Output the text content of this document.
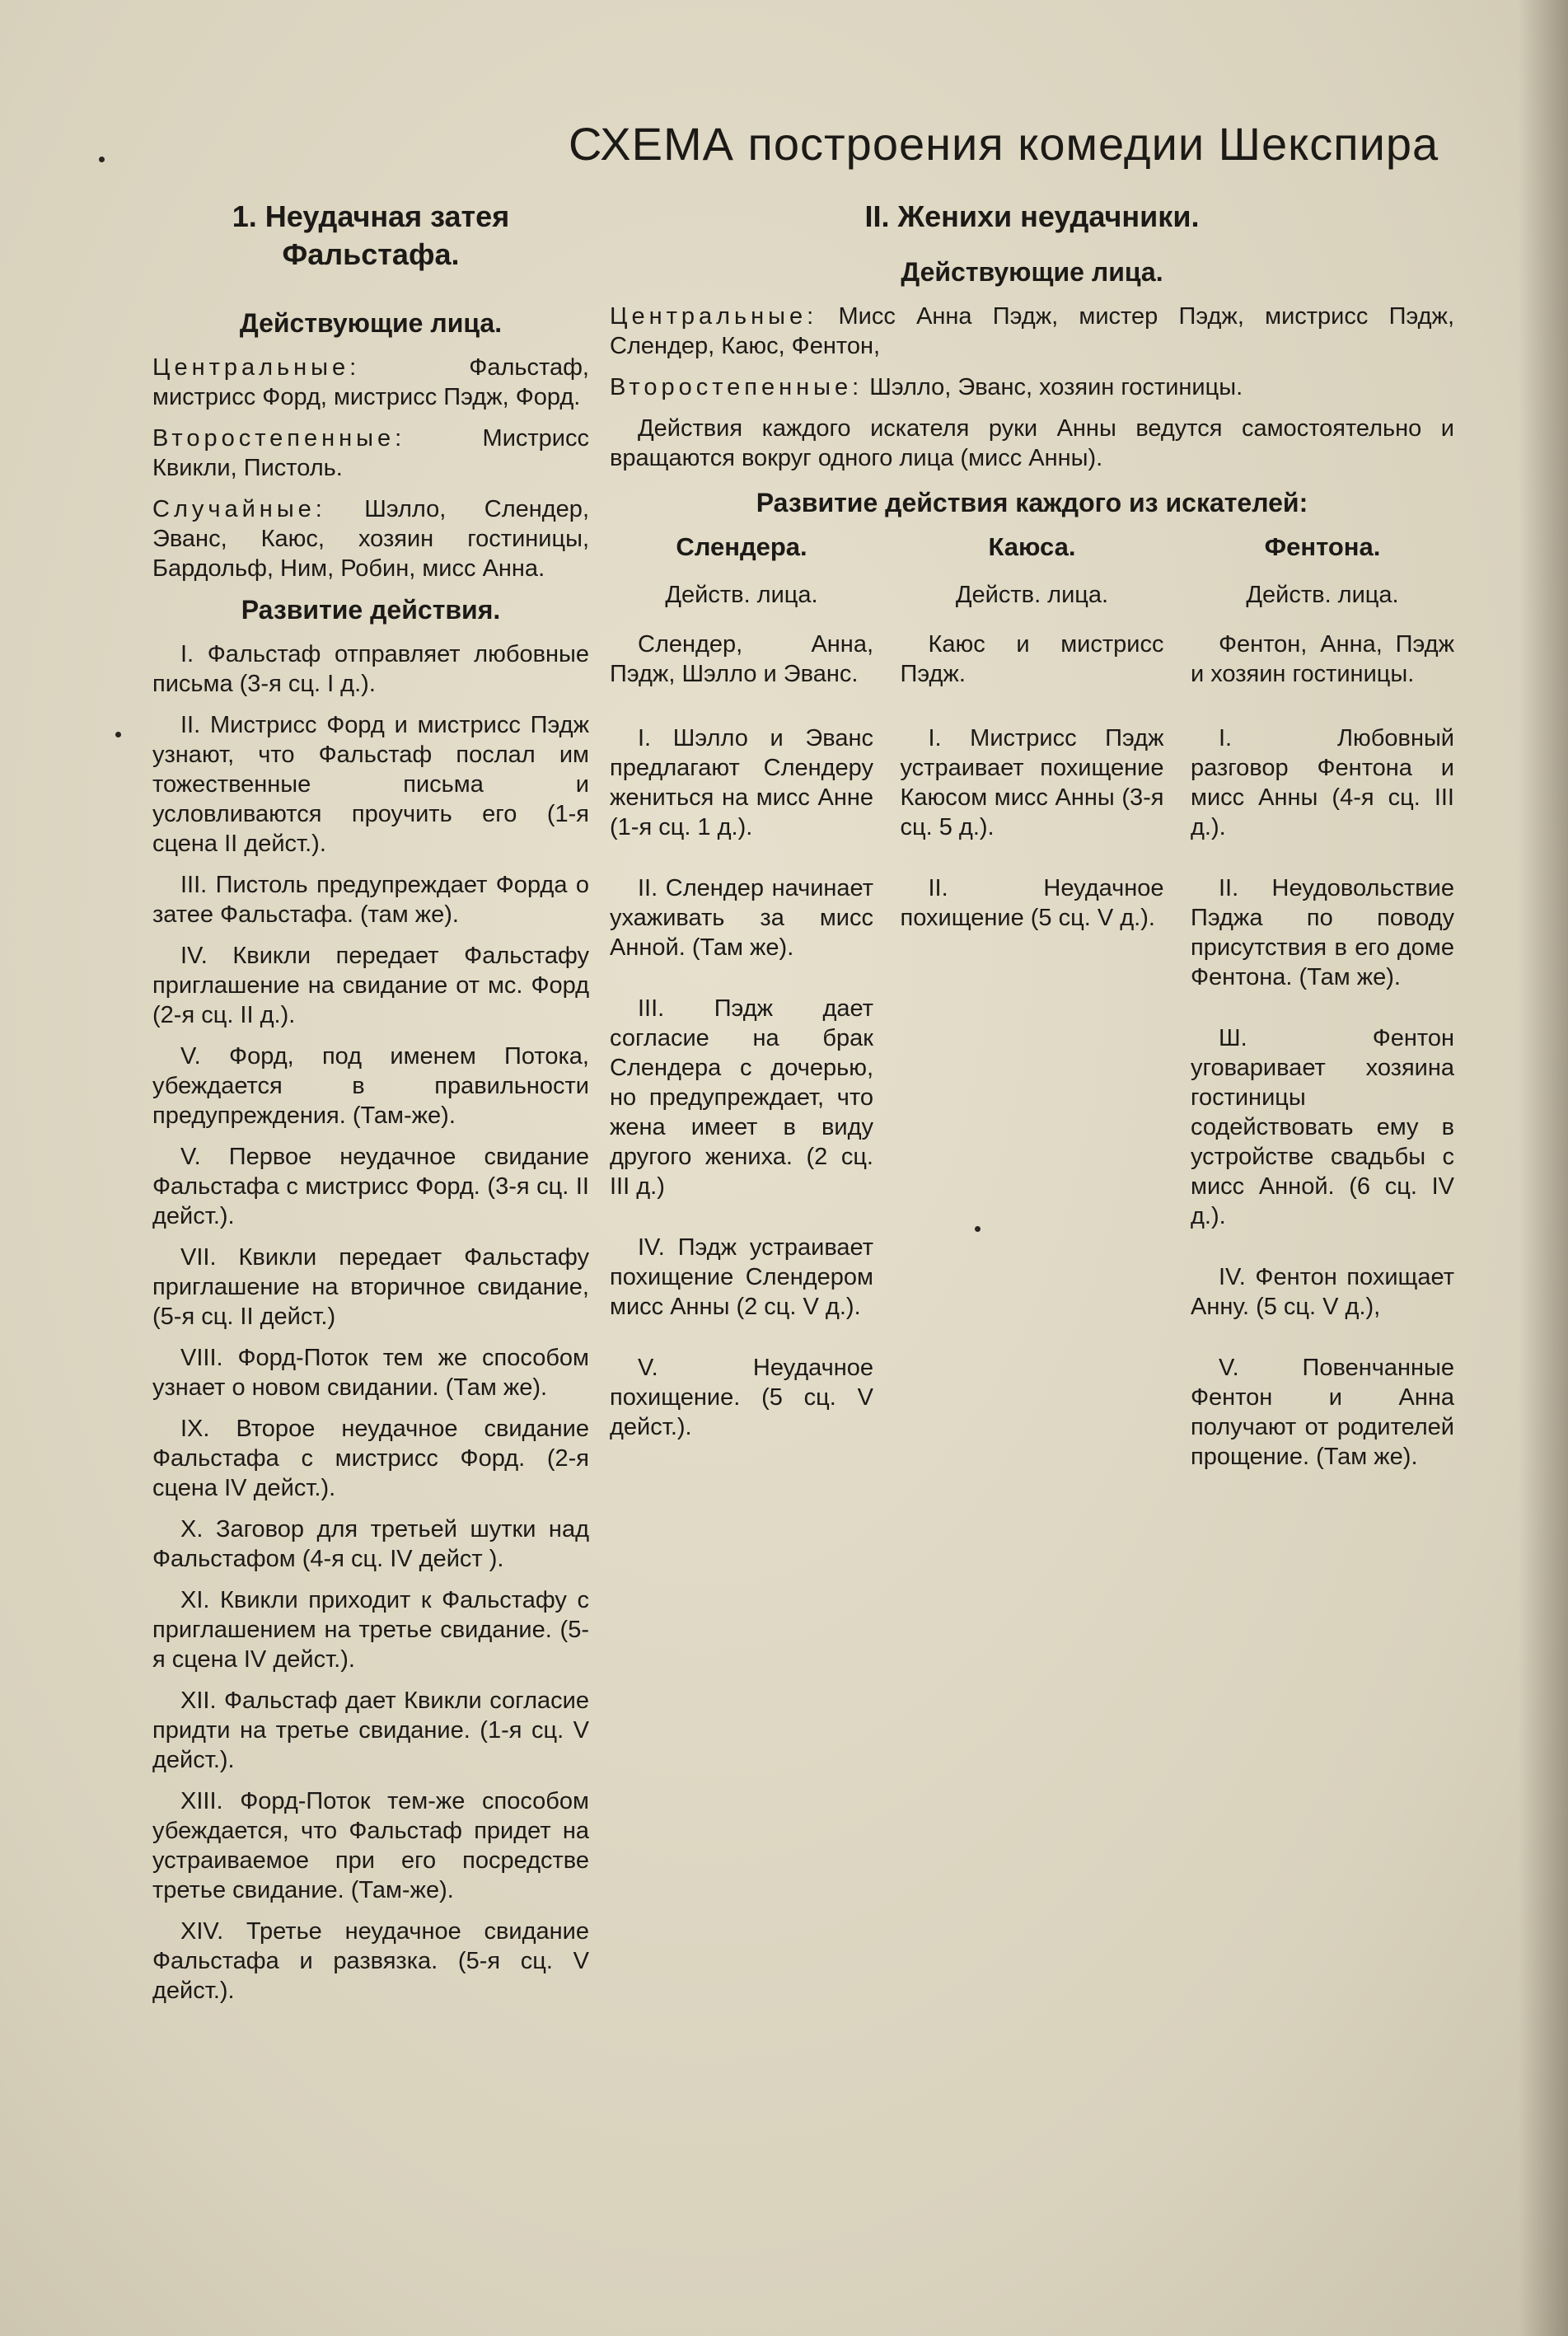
СХЕМА построения комедии Шекспира
1. Неудачная затея Фальстафа.
Действующие лица.
Центральные:	Фальстаф, мистрисс Форд, мистрисс Пэдж, Форд.
Второстепенные:	Мистрисс Квикли, Пистоль.
Случайные: Шэлло, Слендер, Эванс, Каюс, хозяин гостиницы, Бардольф, Ним, Робин, мисс Анна.
Развитие действия.
I. Фальстаф отправляет любовные письма (3-я сц. I д.).
II. Мистрисс Форд и мистрисс Пэдж узнают, что Фальстаф послал им тожественные письма и условливаются проучить его (1-я сцена II дейст.).
III. Пистоль предупреждает Форда о затее Фальстафа. (там же).
IV. Квикли передает Фальстафу приглашение на свидание от мс. Форд (2-я сц. II д.).
V. Форд, под именем Потока, убеждается в правильности предупреждения. (Там-же).
V. Первое неудачное свидание Фальстафа с мистрисс Форд. (3-я сц. II дейст.).
VII. Квикли передает Фальстафу приглашение на вторичное свидание, (5-я сц. II дейст.)
VIII. Форд-Поток тем же способом узнает о новом свидании. (Там же).
IX. Второе неудачное свидание Фальстафа с мистрисс Форд. (2-я сцена IV дейст.).
X. Заговор для третьей шутки над Фальстафом (4-я сц. IV дейст ).
XI. Квикли приходит к Фальстафу с приглашением на третье свидание. (5-я сцена IV дейст.).
XII. Фальстаф дает Квикли согласие придти на третье свидание. (1-я сц. V дейст.).
XIII. Форд-Поток тем-же способом убеждается, что Фальстаф придет на устраиваемое при его посредстве третье свидание. (Там-же).
XIV. Третье неудачное свидание Фальстафа и развязка. (5-я сц. V дейст.).
II. Женихи неудачники.
Действующие лица.
Центральные: Мисс Анна Пэдж, мистер Пэдж, мистрисс Пэдж, Слендер, Каюс, Фентон,
Второстепенные: Шэлло, Эванс, хозяин гостиницы.
Действия каждого искателя руки Анны ведутся самостоятельно и вращаются вокруг одного лица (мисс Анны).
Развитие действия каждого из искателей:
Слендера.
Действ. лица.
Слендер, Анна, Пэдж, Шэлло и Эванс.
I. Шэлло и Эванс предлагают Слендеру жениться на мисс Анне (1-я сц. 1 д.).
II. Слендер начинает ухаживать за мисс Анной. (Там же).
III. Пэдж дает согласие на брак Слендера с дочерью, но предупреждает, что жена имеет в виду другого жениха. (2 сц. III д.)
IV. Пэдж устраивает похищение Слендером мисс Анны (2 сц. V д.).
V. Неудачное похищение. (5 сц. V дейст.).
Каюса.
Действ. лица.
Каюс и мистрисс Пэдж.
I. Мистрисс Пэдж устраивает похищение Каюсом мисс Анны (3-я сц. 5 д.).
II. Неудачное похищение (5 сц. V д.).
Фентона.
Действ. лица.
Фентон, Анна, Пэдж и хозяин гостиницы.
I. Любовный разговор Фентона и мисс Анны (4-я сц. III д.).
II. Неудовольствие Пэджа по поводу присутствия в его доме Фентона. (Там же).
Ш. Фентон уговаривает хозяина гостиницы содействовать ему в устройстве свадьбы с мисс Анной. (6 сц. IV д.).
IV. Фентон похищает Анну. (5 сц. V д.),
V. Повенчанные Фентон и Анна получают от родителей прощение. (Там же).
